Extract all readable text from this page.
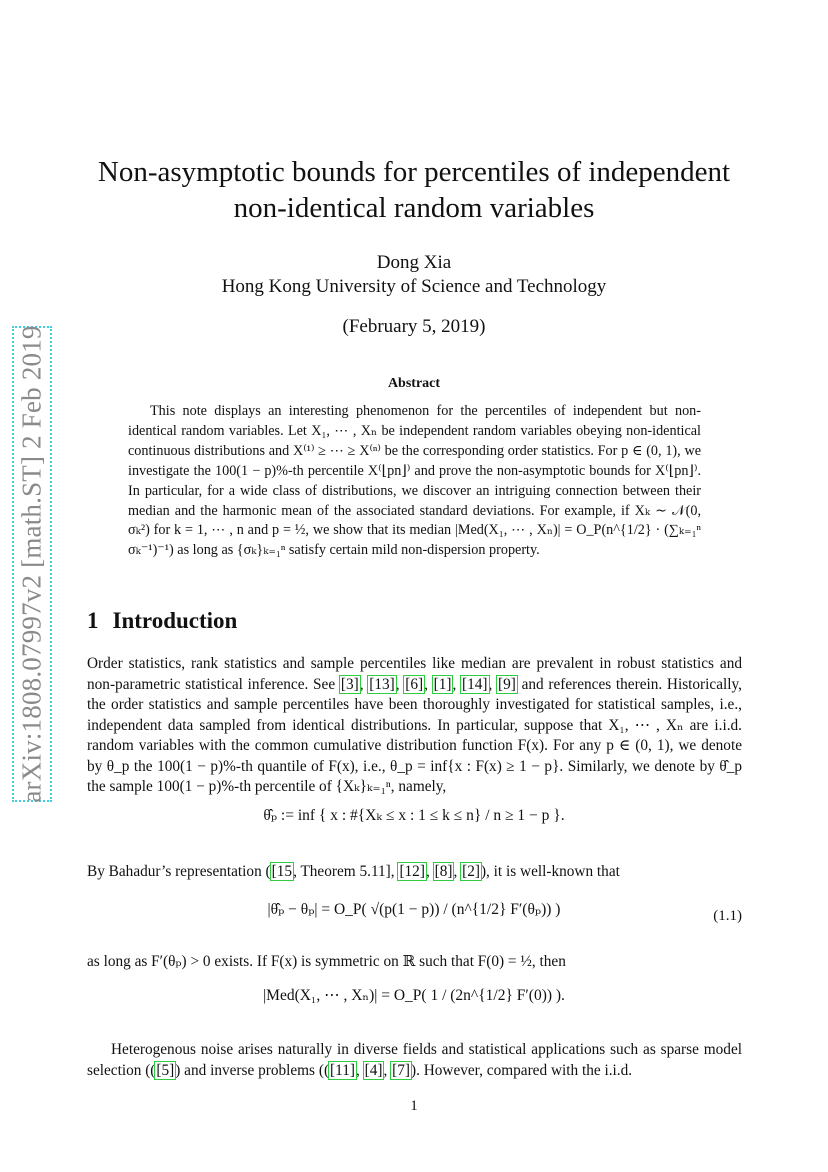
arXiv:1808.07997v2 [math.ST] 2 Feb 2019
Non-asymptotic bounds for percentiles of independent
non-identical random variables
Dong Xia
Hong Kong University of Science and Technology
(February 5, 2019)
Abstract
This note displays an interesting phenomenon for the percentiles of independent but non-identical random variables. Let X₁, ⋯ , Xₙ be independent random variables obeying non-identical continuous distributions and X⁽¹⁾ ≥ ⋯ ≥ X⁽ⁿ⁾ be the corresponding order statistics. For p ∈ (0, 1), we investigate the 100(1 − p)%-th percentile X⁽⌊pn⌋⁾ and prove the non-asymptotic bounds for X⁽⌊pn⌋⁾. In particular, for a wide class of distributions, we discover an intriguing connection between their median and the harmonic mean of the associated standard deviations. For example, if Xₖ ∼ 𝒩(0, σₖ²) for k = 1, ⋯ , n and p = ½, we show that its median |Med(X₁, ⋯ , Xₙ)| = O_P(n^{1/2} · (∑ₖ₌₁ⁿ σₖ⁻¹)⁻¹) as long as {σₖ}ₖ₌₁ⁿ satisfy certain mild non-dispersion property.
1 Introduction
Order statistics, rank statistics and sample percentiles like median are prevalent in robust statistics and non-parametric statistical inference. See [3], [13], [6], [1], [14], [9] and references therein. Historically, the order statistics and sample percentiles have been thoroughly investigated for statistical samples, i.e., independent data sampled from identical distributions. In particular, suppose that X₁, ⋯ , Xₙ are i.i.d. random variables with the common cumulative distribution function F(x). For any p ∈ (0, 1), we denote by θ_p the 100(1 − p)%-th quantile of F(x), i.e., θ_p = inf{x : F(x) ≥ 1 − p}. Similarly, we denote by θ̂_p the sample 100(1 − p)%-th percentile of {Xₖ}ₖ₌₁ⁿ, namely,
θ̂ₚ := inf { x : #{Xₖ ≤ x : 1 ≤ k ≤ n} / n ≥ 1 − p }.
By Bahadur’s representation ([15, Theorem 5.11], [12], [8], [2]), it is well-known that
|θ̂ₚ − θₚ| = O_P( √(p(1 − p)) / (n^{1/2} F′(θₚ)) )	(1.1)
as long as F′(θₚ) > 0 exists. If F(x) is symmetric on ℝ such that F(0) = ½, then
|Med(X₁, ⋯ , Xₙ)| = O_P( 1 / (2n^{1/2} F′(0)) ).
Heterogenous noise arises naturally in diverse fields and statistical applications such as sparse model selection (([5]) and inverse problems (([11], [4], [7]). However, compared with the i.i.d.
1
